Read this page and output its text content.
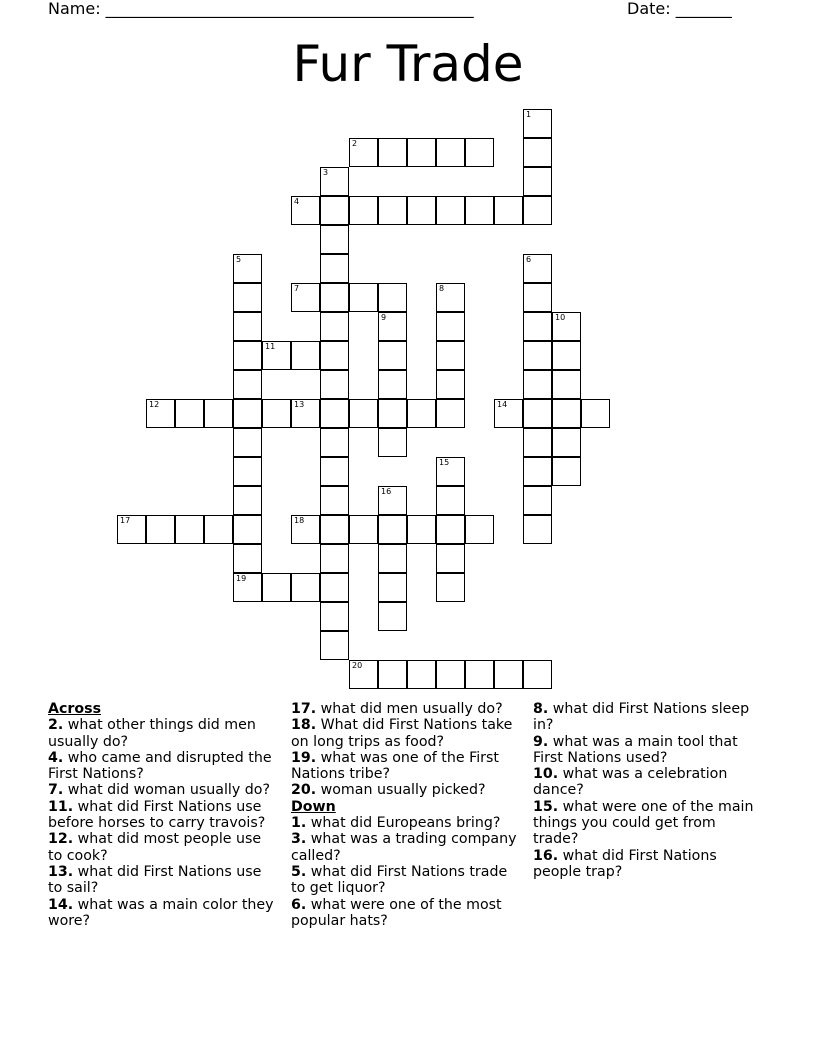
Name: ______________________________________________	Date: _______
Fur Trade
1
2
3
4
5	6
7	8
9	10
11
12	13	14
15
16
17	18
19
20
Across

2. what other things did men usually do?

4. who came and disrupted the First Nations?

7. what did woman usually do?

11. what did First Nations use before horses to carry travois?

12. what did most people use to cook?

13. what did First Nations use to sail?

14. what was a main color they wore?

17. what did men usually do?

18. What did First Nations take on long trips as food?

19. what was one of the First Nations tribe?

20. woman usually picked?

Down

1. what did Europeans bring?

3. what was a trading company called?

5. what did First Nations trade to get liquor?

6. what were one of the most popular hats?

8. what did First Nations sleep in?

9. what was a main tool that First Nations used?

10. what was a celebration dance?

15. what were one of the main things you could get from trade?

16. what did First Nations people trap?
